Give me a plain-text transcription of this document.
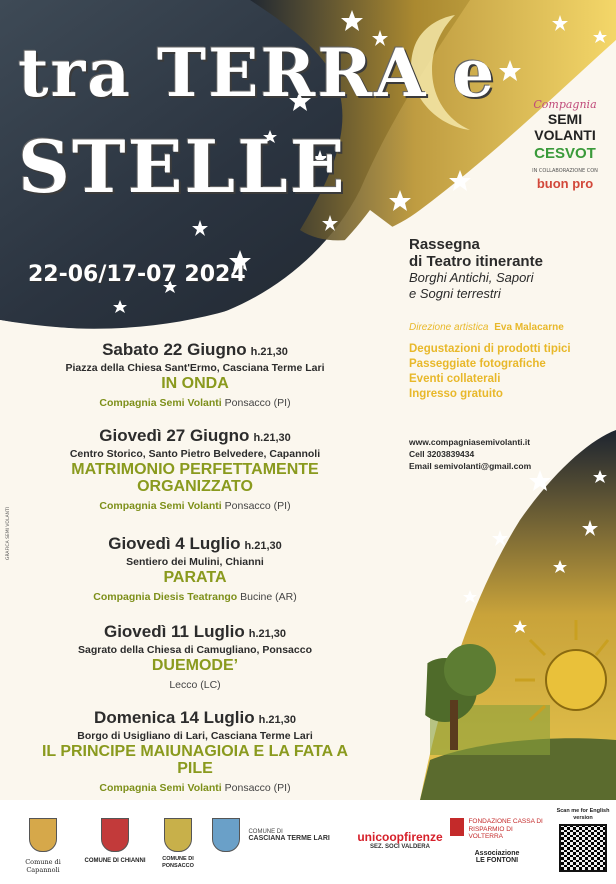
tra TERRA e
STELLE
22-06/17-07 2024
Compagnia
SEMI VOLANTI
CESVOT
IN COLLABORAZIONE CON
buon pro
Rassegna
di Teatro itinerante
Borghi Antichi, Sapori
e Sogni terrestri
Direzione artistica Eva Malacarne
Degustazioni di prodotti tipici
Passeggiate fotografiche
Eventi collaterali
Ingresso gratuito
www.compagniasemivolanti.it
Cell 3203839434
Email semivolanti@gmail.com
GRAFICA SEMI VOLANTI
Sabato 22 Giugno h.21,30
Piazza della Chiesa Sant'Ermo, Casciana Terme Lari
IN ONDA
Compagnia Semi Volanti Ponsacco (PI)
Giovedì 27 Giugno h.21,30
Centro Storico, Santo Pietro Belvedere, Capannoli
MATRIMONIO PERFETTAMENTE ORGANIZZATO
Compagnia Semi Volanti Ponsacco (PI)
Giovedì 4 Luglio h.21,30
Sentiero dei Mulini, Chianni
PARATA
Compagnia Diesis Teatrango Bucine (AR)
Giovedì 11 Luglio h.21,30
Sagrato della Chiesa di Camugliano, Ponsacco
DUEMODE’
Lecco (LC)
Domenica 14 Luglio h.21,30
Borgo di Usigliano di Lari, Casciana Terme Lari
IL PRINCIPE MAIUNAGIOIA E LA FATA A PILE
Compagnia Semi Volanti Ponsacco (PI)
Comune di Capannoli
COMUNE DI CHIANNI	COMUNE DI PONSACCO

COMUNE DI
CASCIANA TERME LARI	unicoopfirenze
SEZ. SOCI VALDERA
FONDAZIONE CASSA DI RISPARMIO DI VOLTERRA
Associazione
LE FONTONI
Scan me for English version
